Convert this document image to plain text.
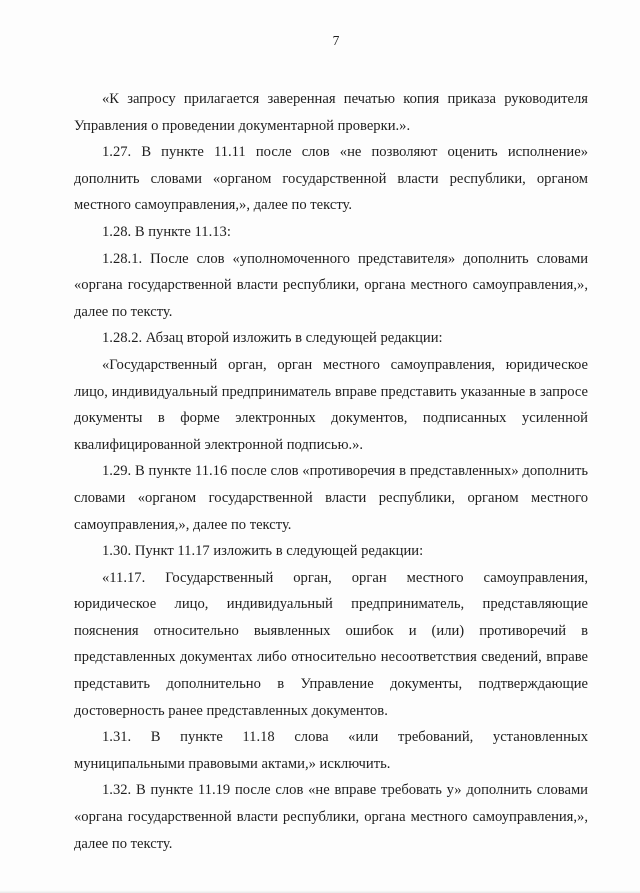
7

«К запросу прилагается заверенная печатью копия приказа руководителя Управления о проведении документарной проверки.».

1.27. В пункте 11.11 после слов «не позволяют оценить исполнение» дополнить словами «органом государственной власти республики, органом местного самоуправления,», далее по тексту.

1.28. В пункте 11.13:

1.28.1. После слов «уполномоченного представителя» дополнить словами «органа государственной власти республики, органа местного самоуправления,», далее по тексту.

1.28.2. Абзац второй изложить в следующей редакции:

«Государственный орган, орган местного самоуправления, юридическое лицо, индивидуальный предприниматель вправе представить указанные в запросе документы в форме электронных документов, подписанных усиленной квалифицированной электронной подписью.».

1.29. В пункте 11.16 после слов «противоречия в представленных» дополнить словами «органом государственной власти республики, органом местного самоуправления,», далее по тексту.

1.30. Пункт 11.17 изложить в следующей редакции:

«11.17. Государственный орган, орган местного самоуправления, юридическое лицо, индивидуальный предприниматель, представляющие пояснения относительно выявленных ошибок и (или) противоречий в представленных документах либо относительно несоответствия сведений, вправе представить дополнительно в Управление документы, подтверждающие достоверность ранее представленных документов.

1.31. В пункте 11.18 слова «или требований, установленных муниципальными правовыми актами,» исключить.

1.32. В пункте 11.19 после слов «не вправе требовать у» дополнить словами «органа государственной власти республики, органа местного самоуправления,», далее по тексту.
